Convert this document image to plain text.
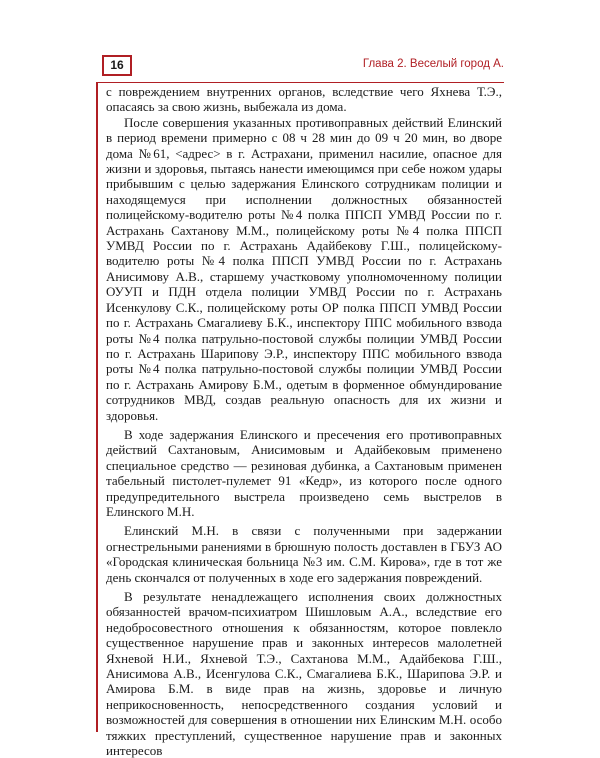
16	Глава 2. Веселый город А.

с повреждением внутренних органов, вследствие чего Яхнева Т.Э., опасаясь за свою жизнь, выбежала из дома.

После совершения указанных противоправных действий Елинский в период времени примерно с 08 ч 28 мин до 09 ч 20 мин, во дворе дома №61, <адрес> в г. Астрахани, применил насилие, опасное для жизни и здоровья, пытаясь нанести имеющимся при себе ножом удары прибывшим с целью задержания Елинского сотрудникам полиции и находящемуся при исполнении должностных обязанностей полицейскому-водителю роты №4 полка ППСП УМВД России по г. Астрахань Сахтанову М.М., полицейскому роты №4 полка ППСП УМВД России по г. Астрахань Адайбекову Г.Ш., полицейскому-водителю роты №4 полка ППСП УМВД России по г. Астрахань Анисимову А.В., старшему участковому уполномоченному полиции ОУУП и ПДН отдела полиции УМВД России по г. Астрахань Исенкулову С.К., полицейскому роты ОР полка ППСП УМВД России по г. Астрахань Смагалиеву Б.К., инспектору ППС мобильного взвода роты №4 полка патрульно-постовой службы полиции УМВД России по г. Астрахань Шарипову Э.Р., инспектору ППС мобильного взвода роты №4 полка патрульно-постовой службы полиции УМВД России по г. Астрахань Амирову Б.М., одетым в форменное обмундирование сотрудников МВД, создав реальную опасность для их жизни и здоровья.

В ходе задержания Елинского и пресечения его противоправных действий Сахтановым, Анисимовым и Адайбековым применено специальное средство — резиновая дубинка, а Сахтановым применен табельный пистолет-пулемет 91 «Кедр», из которого после одного предупредительного выстрела произведено семь выстрелов в Елинского М.Н.

Елинский М.Н. в связи с полученными при задержании огнестрельными ранениями в брюшную полость доставлен в ГБУЗ АО «Городская клиническая больница №3 им. С.М. Кирова», где в тот же день скончался от полученных в ходе его задержания повреждений.

В результате ненадлежащего исполнения своих должностных обязанностей врачом-психиатром Шишловым А.А., вследствие его недобросовестного отношения к обязанностям, которое повлекло существенное нарушение прав и законных интересов малолетней Яхневой Н.И., Яхневой Т.Э., Сахтанова М.М., Адайбекова Г.Ш., Анисимова А.В., Исенгулова С.К., Смагалиева Б.К., Шарипова Э.Р. и Амирова Б.М. в виде прав на жизнь, здоровье и личную неприкосновенность, непосредственного создания условий и возможностей для совершения в отношении них Елинским М.Н. особо тяжких преступлений, существенное нарушение прав и законных интересов
